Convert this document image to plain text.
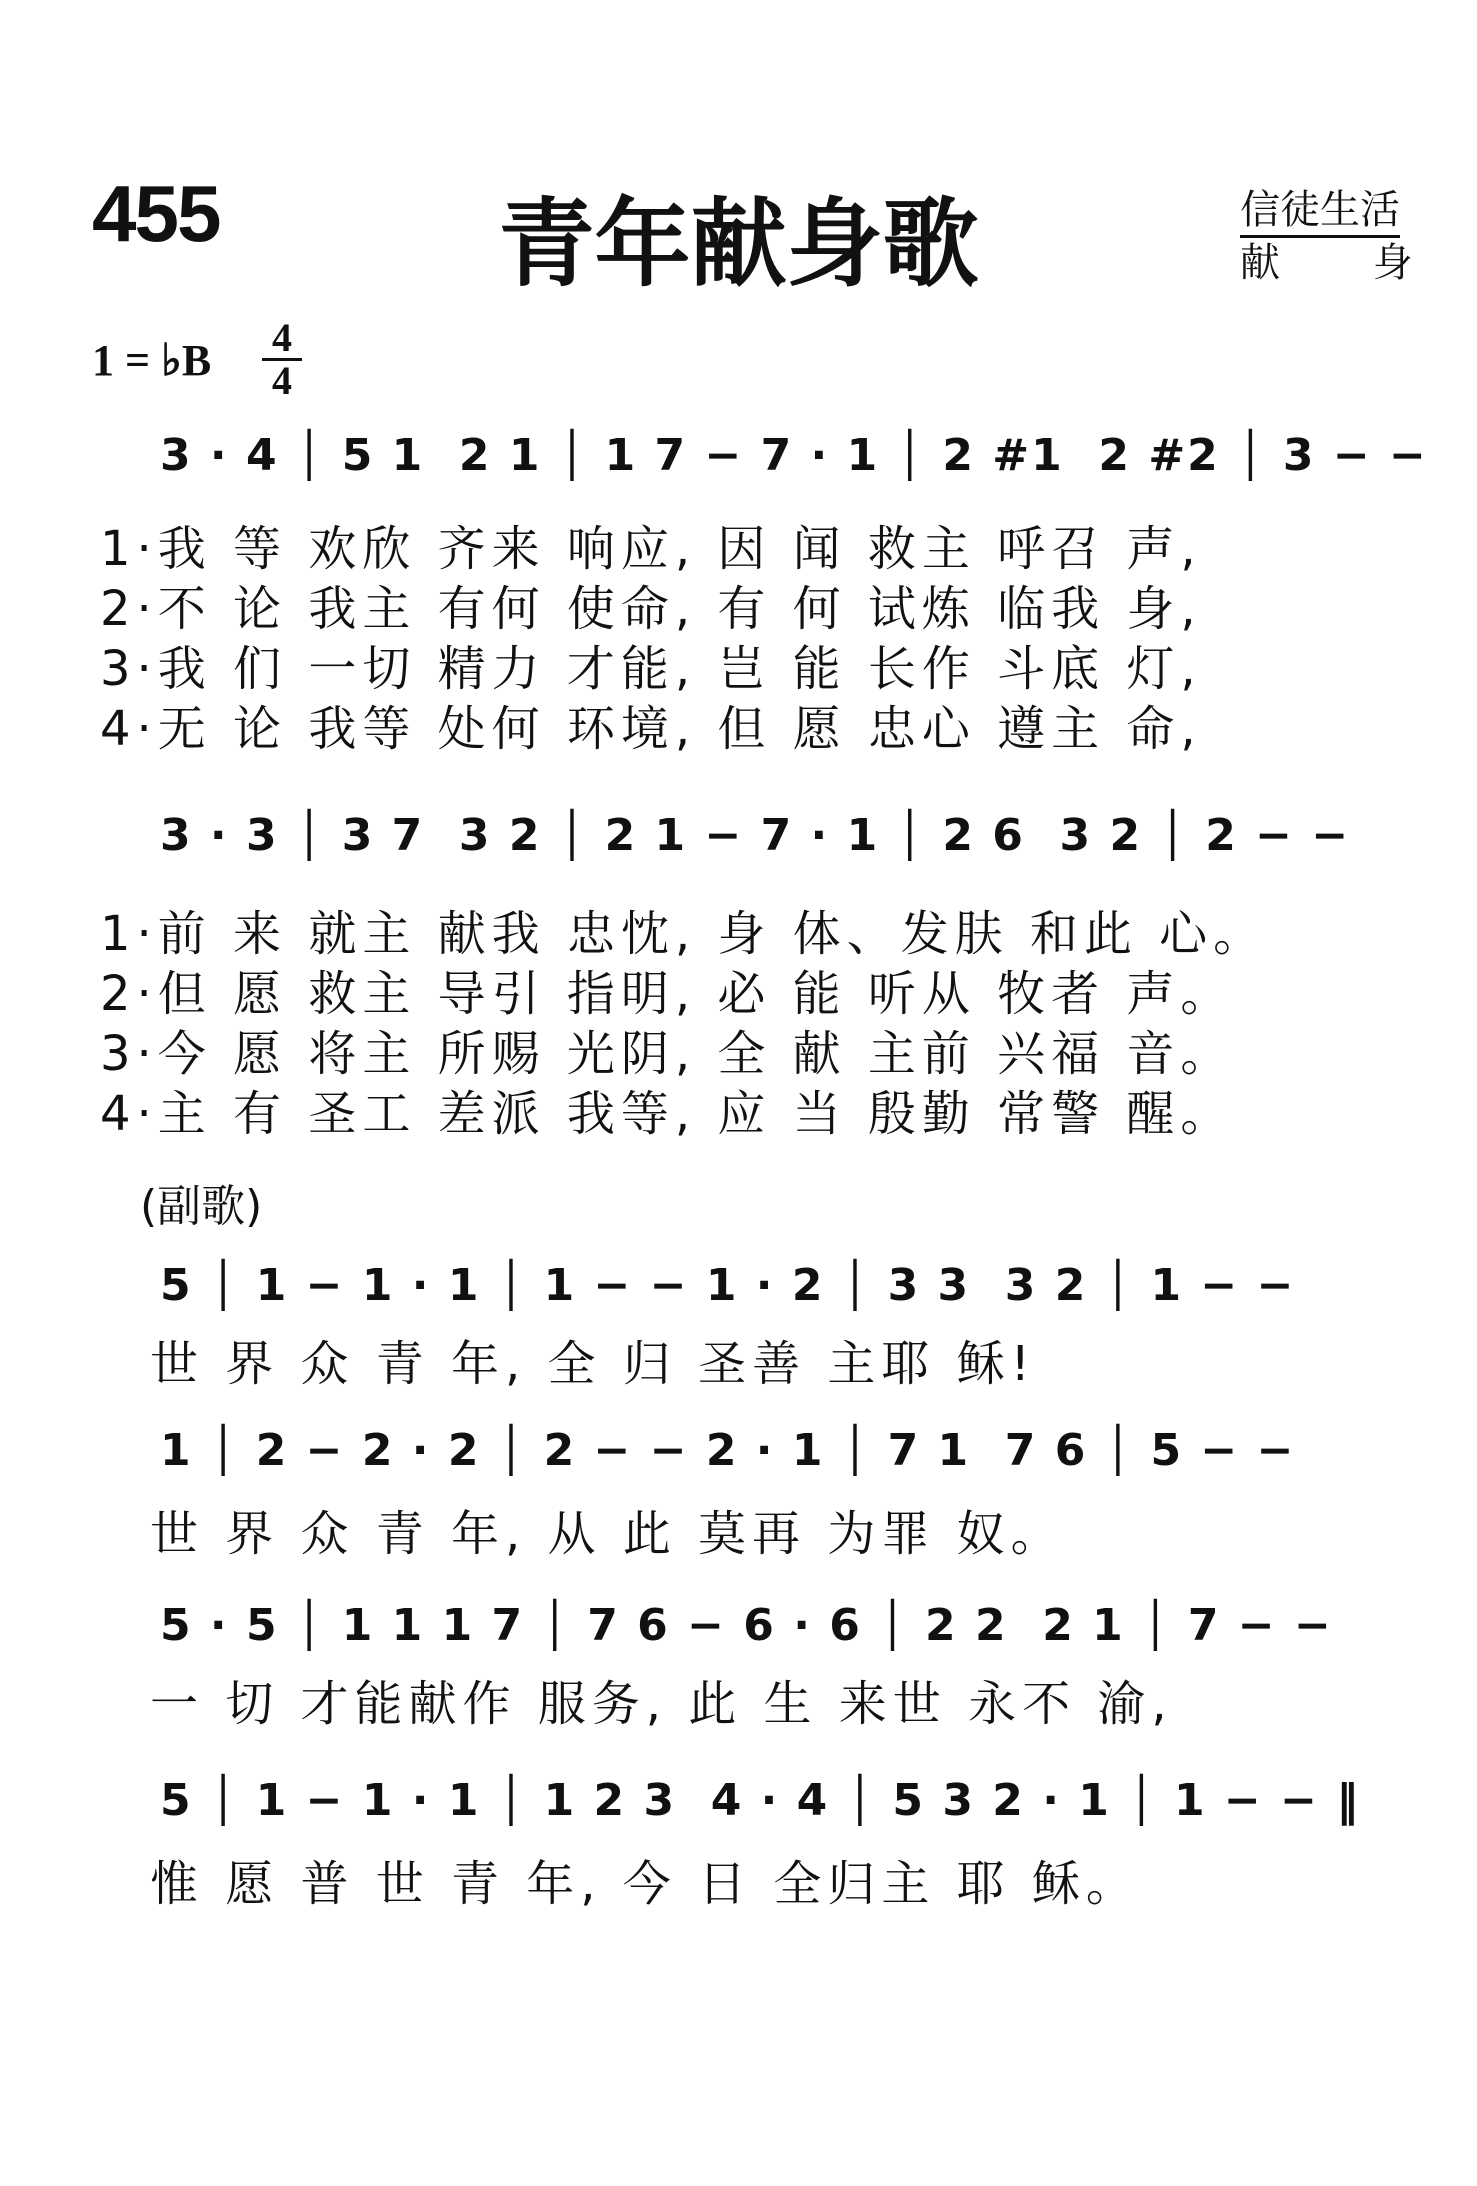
455	青年献身歌	信徒生活
献 身
1 = ♭B 4
4
3 · 4 │ 5 1  2 1 │ 1 7 − 7 · 1 │ 2 #1  2 #2 │ 3 − −
1·我 等 欢欣 齐来 响应, 因 闻 救主 呼召 声,
2·不 论 我主 有何 使命, 有 何 试炼 临我 身,
3·我 们 一切 精力 才能, 岂 能 长作 斗底 灯,
4·无 论 我等 处何 环境, 但 愿 忠心 遵主 命,
3 · 3 │ 3 7  3 2 │ 2 1 − 7 · 1 │ 2 6  3 2 │ 2 − −
1·前 来 就主 献我 忠忱, 身 体、发肤 和此 心。
2·但 愿 救主 导引 指明, 必 能 听从 牧者 声。
3·今 愿 将主 所赐 光阴, 全 献 主前 兴福 音。
4·主 有 圣工 差派 我等, 应 当 殷勤 常警 醒。
(副歌)
5 │ 1 − 1 · 1 │ 1 − − 1 · 2 │ 3 3  3 2 │ 1 − −
世 界 众 青 年, 全 归 圣善 主耶 稣!
1 │ 2 − 2 · 2 │ 2 − − 2 · 1 │ 7 1  7 6 │ 5 − −
世 界 众 青 年, 从 此 莫再 为罪 奴。
5 · 5 │ 1 1 1 7 │ 7 6 − 6 · 6 │ 2 2  2 1 │ 7 − −
一 切 才能献作 服务, 此 生 来世 永不 渝,
5 │ 1 − 1 · 1 │ 1 2 3  4 · 4 │ 5 3 2 · 1 │ 1 − − ‖
惟 愿 普 世 青 年, 今 日 全归主 耶 稣。
